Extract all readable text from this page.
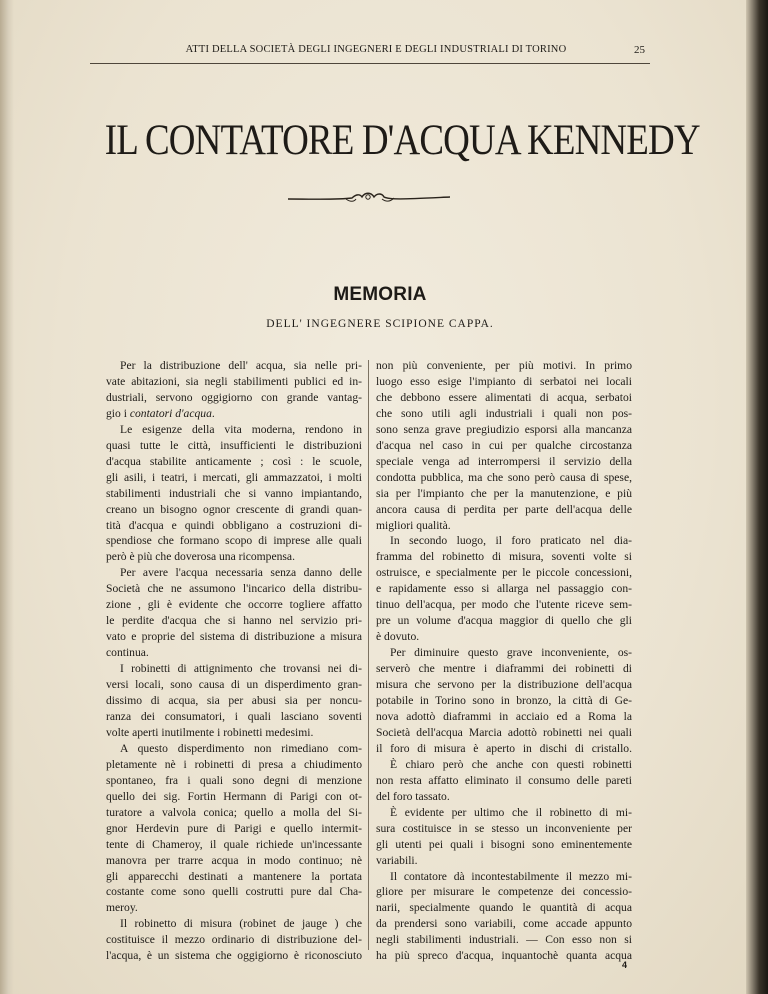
ATTI DELLA SOCIETÀ DEGLI INGEGNERI E DEGLI INDUSTRIALI DI TORINO	25
IL CONTATORE D'ACQUA KENNEDY
MEMORIA
DELL' INGEGNERE SCIPIONE CAPPA.
Per la distribuzione dell' acqua, sia nelle pri-
vate abitazioni, sia negli stabilimenti publici ed in-
dustriali, servono oggigiorno con grande vantag-
gio i contatori d'acqua.
Le esigenze della vita moderna, rendono in
quasi tutte le città, insufficienti le distribuzioni
d'acqua stabilite anticamente ; così : le scuole,
gli asili, i teatri, i mercati, gli ammazzatoi, i molti
stabilimenti industriali che si vanno impiantando,
creano un bisogno ognor crescente di grandi quan-
tità d'acqua e quindi obbligano a costruzioni di-
spendiose che formano scopo di imprese alle quali
però è più che doverosa una ricompensa.
Per avere l'acqua necessaria senza danno delle
Società che ne assumono l'incarico della distribu-
zione , gli è evidente che occorre togliere affatto
le perdite d'acqua che si hanno nel servizio pri-
vato e proprie del sistema di distribuzione a misura
continua.
I robinetti di attignimento che trovansi nei di-
versi locali, sono causa di un disperdimento gran-
dissimo di acqua, sia per abusi sia per noncu-
ranza dei consumatori, i quali lasciano soventi
volte aperti inutilmente i robinetti medesimi.
A questo disperdimento non rimediano com-
pletamente nè i robinetti di presa a chiudimento
spontaneo, fra i quali sono degni di menzione
quello dei sig. Fortin Hermann di Parigi con ot-
turatore a valvola conica; quello a molla del Si-
gnor Herdevin pure di Parigi e quello intermit-
tente di Chameroy, il quale richiede un'incessante
manovra per trarre acqua in modo continuo; nè
gli apparecchi destinati a mantenere la portata
costante come sono quelli costrutti pure dal Cha-
meroy.
Il robinetto di misura (robinet de jauge ) che
costituisce il mezzo ordinario di distribuzione del-
l'acqua, è un sistema che oggigiorno è riconosciuto
non più conveniente, per più motivi. In primo
luogo esso esige l'impianto di serbatoi nei locali
che debbono essere alimentati di acqua, serbatoi
che sono utili agli industriali i quali non pos-
sono senza grave pregiudizio esporsi alla mancanza
d'acqua nel caso in cui per qualche circostanza
speciale venga ad interrompersi il servizio della
condotta pubblica, ma che sono però causa di spese,
sia per l'impianto che per la manutenzione, e più
ancora causa di perdita per parte dell'acqua delle
migliori qualità.
In secondo luogo, il foro praticato nel dia-
framma del robinetto di misura, soventi volte si
ostruisce, e specialmente per le piccole concessioni,
e rapidamente esso si allarga nel passaggio con-
tinuo dell'acqua, per modo che l'utente riceve sem-
pre un volume d'acqua maggior di quello che gli
è dovuto.
Per diminuire questo grave inconveniente, os-
serverò che mentre i diaframmi dei robinetti di
misura che servono per la distribuzione dell'acqua
potabile in Torino sono in bronzo, la città di Ge-
nova adottò diaframmi in acciaio ed a Roma la
Società dell'acqua Marcia adottò robinetti nei quali
il foro di misura è aperto in dischi di cristallo.
È chiaro però che anche con questi robinetti
non resta affatto eliminato il consumo delle pareti
del foro tassato.
È evidente per ultimo che il robinetto di mi-
sura costituisce in se stesso un inconveniente per
gli utenti pei quali i bisogni sono eminentemente
variabili.
Il contatore dà incontestabilmente il mezzo mi-
gliore per misurare le competenze dei concessio-
narii, specialmente quando le quantità di acqua
da prendersi sono variabili, come accade appunto
negli stabilimenti industriali. — Con esso non si
ha più spreco d'acqua, inquantochè quanta acqua
4
